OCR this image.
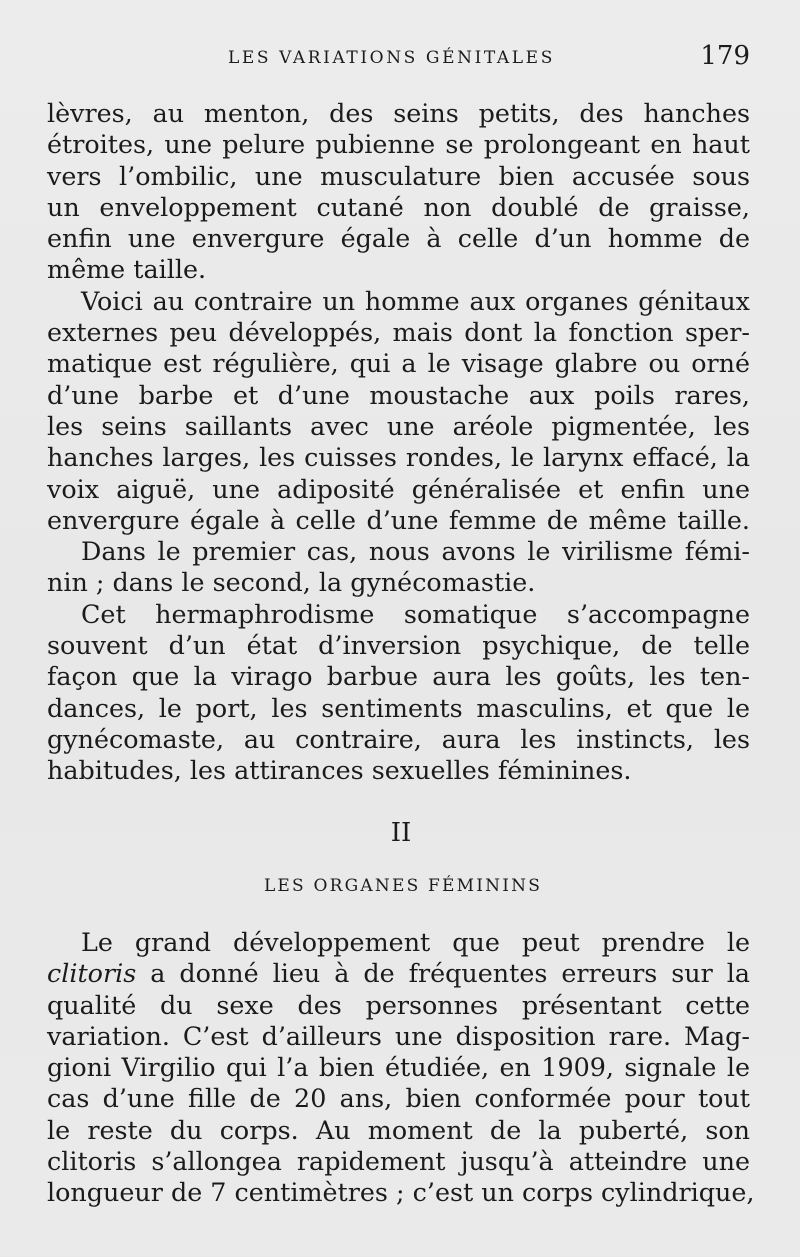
LES VARIATIONS GÉNITALES	179
lèvres, au menton, des seins petits, des hanches
étroites, une pelure pubienne se prolongeant en haut
vers l’ombilic, une musculature bien accusée sous
un enveloppement cutané non doublé de graisse,
enfin une envergure égale à celle d’un homme de
même taille.
Voici au contraire un homme aux organes génitaux
externes peu développés, mais dont la fonction sper-
matique est régulière, qui a le visage glabre ou orné
d’une barbe et d’une moustache aux poils rares,
les seins saillants avec une aréole pigmentée, les
hanches larges, les cuisses rondes, le larynx effacé, la
voix aiguë, une adiposité généralisée et enfin une
envergure égale à celle d’une femme de même taille.
Dans le premier cas, nous avons le virilisme fémi-
nin ; dans le second, la gynécomastie.
Cet hermaphrodisme somatique s’accompagne
souvent d’un état d’inversion psychique, de telle
façon que la virago barbue aura les goûts, les ten-
dances, le port, les sentiments masculins, et que le
gynécomaste, au contraire, aura les instincts, les
habitudes, les attirances sexuelles féminines.
II
LES ORGANES FÉMININS
Le grand développement que peut prendre le
clitoris a donné lieu à de fréquentes erreurs sur la
qualité du sexe des personnes présentant cette
variation. C’est d’ailleurs une disposition rare. Mag-
gioni Virgilio qui l’a bien étudiée, en 1909, signale le
cas d’une fille de 20 ans, bien conformée pour tout
le reste du corps. Au moment de la puberté, son
clitoris s’allongea rapidement jusqu’à atteindre une
longueur de 7 centimètres ; c’est un corps cylindrique,
